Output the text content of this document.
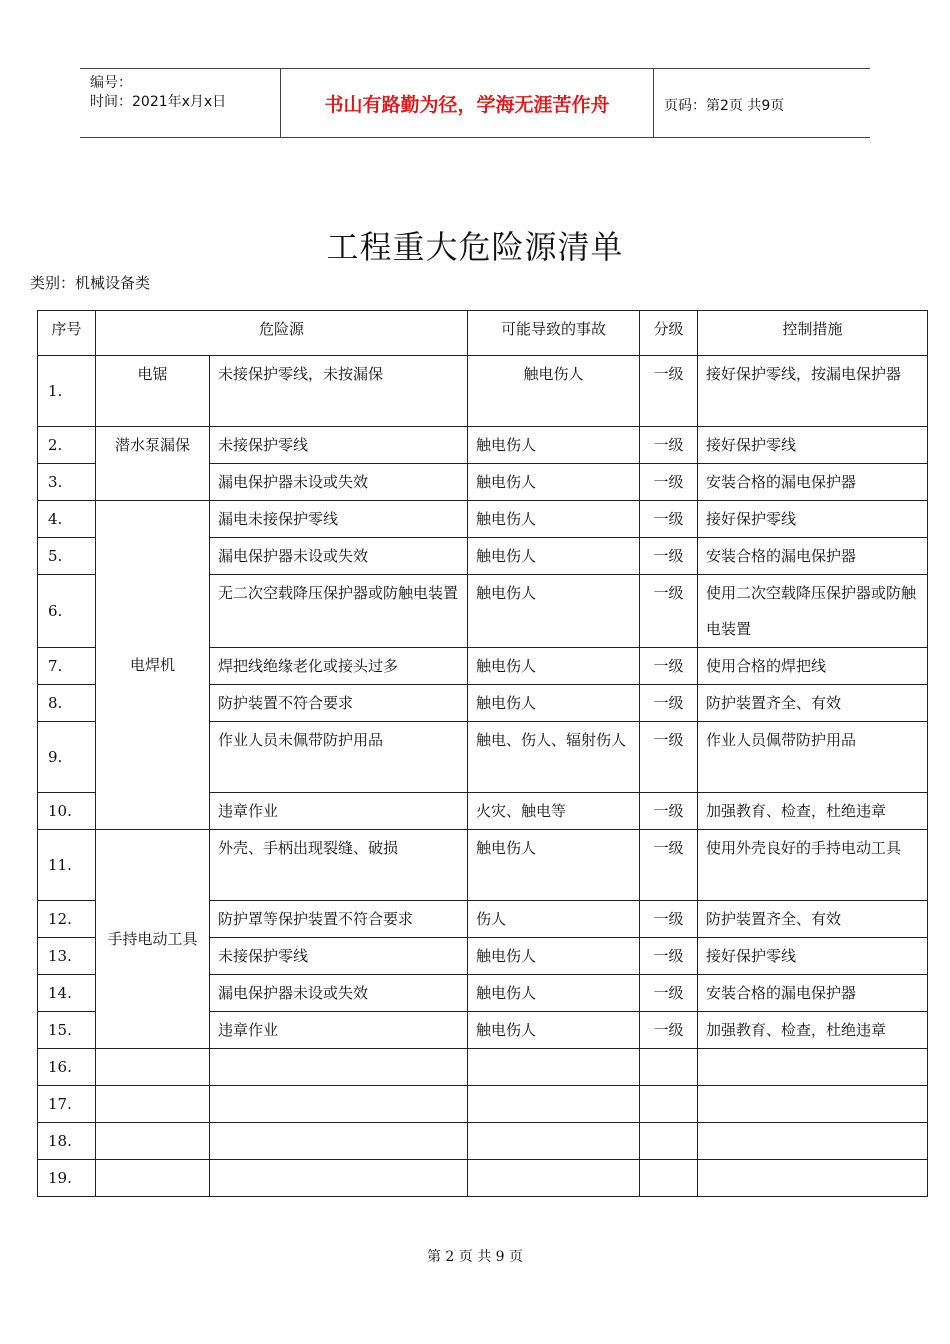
编号：
时间：2021年x月x日	书山有路勤为径，学海无涯苦作舟	页码：第2页 共9页
工程重大危险源清单
类别：机械设备类
序号	危险源		可能导致的事故	分级	控制措施
1.	电锯	未接保护零线，未按漏保	触电伤人	一级	接好保护零线，按漏电保护器
2.	潜水泵漏保	未接保护零线	触电伤人	一级	接好保护零线
3.		漏电保护器未设或失效	触电伤人	一级	安装合格的漏电保护器
4.	电焊机	漏电未接保护零线	触电伤人	一级	接好保护零线
5.		漏电保护器未设或失效	触电伤人	一级	安装合格的漏电保护器
6.		无二次空载降压保护器或防触电装置	触电伤人	一级	使用二次空载降压保护器或防触电装置
7.		焊把线绝缘老化或接头过多	触电伤人	一级	使用合格的焊把线
8.		防护装置不符合要求	触电伤人	一级	防护装置齐全、有效
9.		作业人员未佩带防护用品	触电、伤人、辐射伤人	一级	作业人员佩带防护用品
10.		违章作业	火灾、触电等	一级	加强教育、检查，杜绝违章
11.	手持电动工具	外壳、手柄出现裂缝、破损	触电伤人	一级	使用外壳良好的手持电动工具
12.		防护罩等保护装置不符合要求	伤人	一级	防护装置齐全、有效
13.		未接保护零线	触电伤人	一级	接好保护零线
14.		漏电保护器未设或失效	触电伤人	一级	安装合格的漏电保护器
15.		违章作业	触电伤人	一级	加强教育、检查，杜绝违章
16.					
17.					
18.					
19.					
第 2 页 共 9 页
